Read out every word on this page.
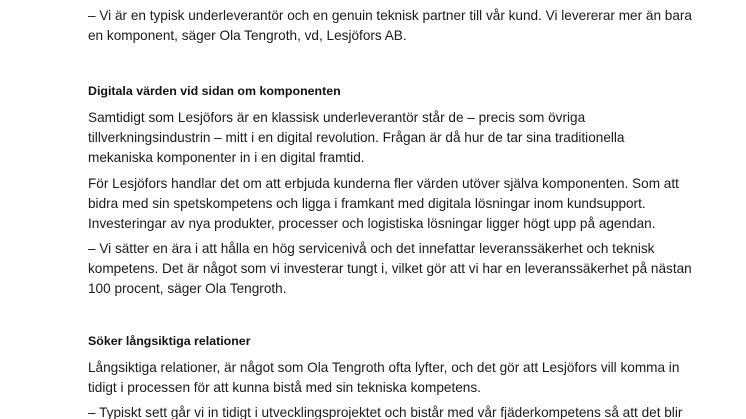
– Vi är en typisk underleverantör och en genuin teknisk partner till vår kund. Vi levererar mer än bara
en komponent, säger Ola Tengroth, vd, Lesjöfors AB.

Digitala värden vid sidan om komponenten

Samtidigt som Lesjöfors är en klassisk underleverantör står de – precis som övriga
tillverkningsindustrin – mitt i en digital revolution. Frågan är då hur de tar sina traditionella
mekaniska komponenter in i en digital framtid.

För Lesjöfors handlar det om att erbjuda kunderna fler värden utöver själva komponenten. Som att
bidra med sin spetskompetens och ligga i framkant med digitala lösningar inom kundsupport.
Investeringar av nya produkter, processer och logistiska lösningar ligger högt upp på agendan.

– Vi sätter en ära i att hålla en hög servicenivå och det innefattar leveranssäkerhet och teknisk
kompetens. Det är något som vi investerar tungt i, vilket gör att vi har en leveranssäkerhet på nästan
100 procent, säger Ola Tengroth.

Söker långsiktiga relationer

Långsiktiga relationer, är något som Ola Tengroth ofta lyfter, och det gör att Lesjöfors vill komma in
tidigt i processen för att kunna bistå med sin tekniska kompetens.

– Typiskt sett går vi in tidigt i utvecklingsprojektet och bistår med vår fjäderkompetens så att det blir
